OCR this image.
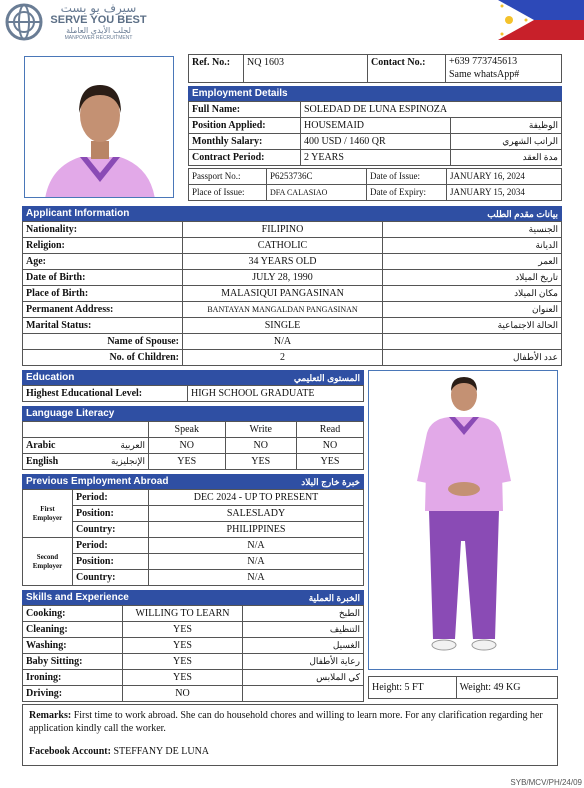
سيرف يو بست
SERVE YOU BEST
لجلب الأيدي العاملة
MANPOWER RECRUITMENT
Ref. No.:	NQ 1603	Contact No.:	+639 773745613
Same whatsApp#
Employment Details
Full Name:	SOLEDAD DE LUNA ESPINOZA	
Position Applied:	HOUSEMAID	الوظيفة
Monthly Salary:	400 USD / 1460 QR	الراتب الشهري
Contract Period:	2 YEARS	مدة العقد
Passport No.:	P6253736C	Date of Issue:	JANUARY 16, 2024
Place of Issue:	DFA CALASIAO	Date of Expiry:	JANUARY 15, 2034
Applicant Information	بيانات مقدم الطلب
Nationality:	FILIPINO	الجنسية
Religion:	CATHOLIC	الديانة
Age:	34 YEARS OLD	العمر
Date of Birth:	JULY 28, 1990	تاريخ الميلاد
Place of Birth:	MALASIQUI PANGASINAN	مكان الميلاد
Permanent Address:	BANTAYAN MANGALDAN PANGASINAN	العنوان
Marital Status:	SINGLE	الحالة الاجتماعية
Name of Spouse:	N/A	
No. of Children:	2	عدد الأطفال
Education	المستوى التعليمي
Highest Educational Level:	HIGH SCHOOL GRADUATE
Language Literacy
	Speak	Write	Read
Arabic العربية	NO	NO	NO
English الإنجليزية	YES	YES	YES
Previous Employment Abroad	خبرة خارج البلاد
First Employer	Period:	DEC 2024 - UP TO PRESENT
	Position:	SALESLADY
	Country:	PHILIPPINES
Second Employer	Period:	N/A
	Position:	N/A
	Country:	N/A
Skills and Experience	الخبرة العملية
Cooking:	WILLING TO LEARN	الطبخ
Cleaning:	YES	التنظيف
Washing:	YES	الغسيل
Baby Sitting:	YES	رعاية الأطفال
Ironing:	YES	كي الملابس
Driving:	NO	
Height: 5 FT	Weight: 49 KG
Remarks: First time to work abroad. She can do household chores and willing to learn more. For any clarification regarding her application kindly call the worker.
Facebook Account: STEFFANY DE LUNA
SYB/MCV/PH/24/09
